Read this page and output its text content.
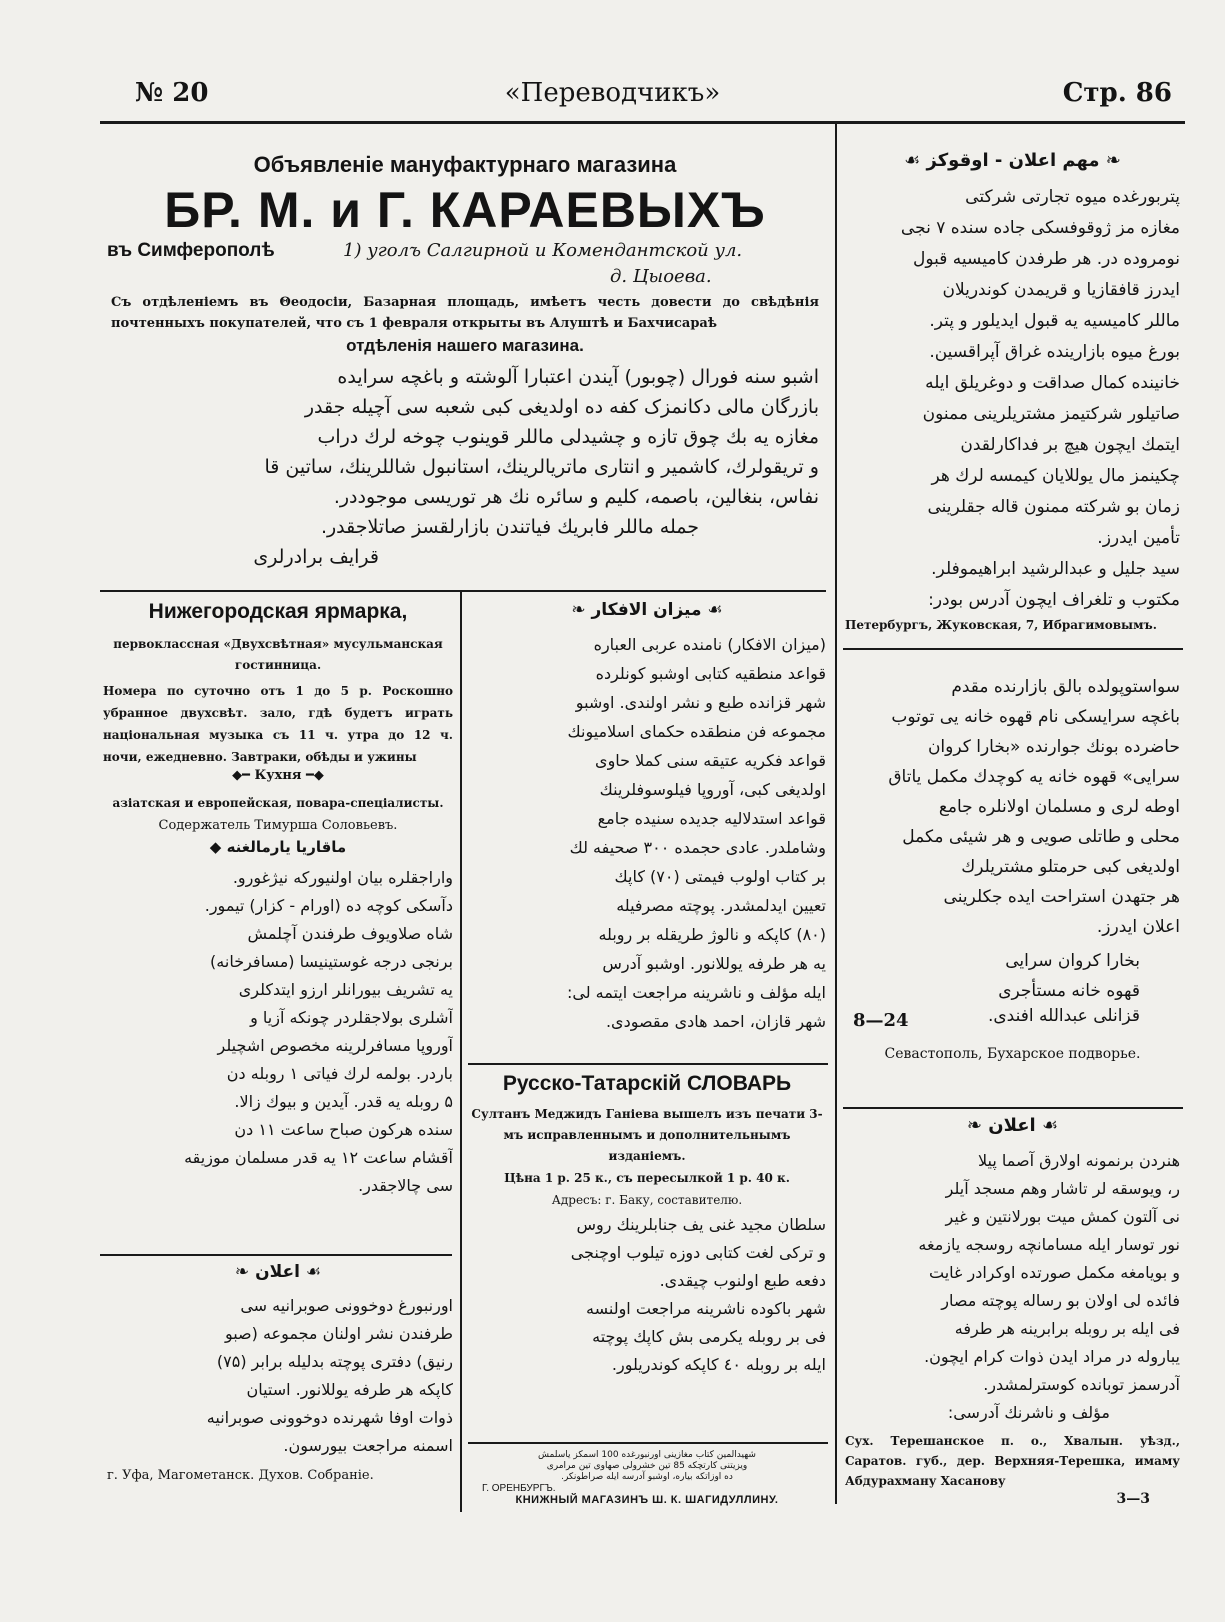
№ 20	«Переводчикъ»	Стр. 86
Объявленіе мануфактурнаго магазина
БР. М. и Г. КАРАЕВЫХЪ
въ Симферополѣ	1) уголъ Салгирной и Комендантской ул.
д. Цыоева.
Съ отдѣленіемъ въ Θеодосіи, Базарная площадь, имѣетъ честь довести до свѣдѣнія почтенныхъ покупателей, что съ 1 февраля открыты въ Алуштѣ и Бахчисараѣ
отдѣленія нашего магазина.

اشبو سنه فورال (چوبور) آیندن اعتبارا آلوشته و باغچه سرایده

بازرگان مالی دکانمزک کفه ده اولدیغی کبی شعبه سی آچیله جقدر

مغازه یه بك چوق تازه و چشیدلی ماللر قوینوب چوخه لرك دراب

و تریقولرك، کاشمیر و انتاری ماتریالرینك، استانبول شاللرینك، ساتین قا

نفاس، بنغالین، باصمه، کلیم و سائره نك هر توریسی موجوددر.

جمله ماللر فابریك فیاتندن بازارلقسز صاتلاجقدر.

قرایف برادرلری

❧ مهم اعلان - اوقوکز ☙

پتربورغده میوه تجارتی شرکتی

مغازه مز ژوقوفسکی جاده سنده ۷ نجی

نومروده در. هر طرفدن کامیسیه قبول

ایدرز قافقازیا و قریمدن کوندریلان

ماللر کامیسیه یه قبول ایدیلور و پتر.

بورغ میوه بازارینده غراق آپراقسین.

خانینده کمال صداقت و دوغریلق ایله

صاتیلور شرکتیمز مشتریلرینی ممنون

ایتمك ایچون هیچ بر فداکارلقدن

چکینمز مال یوللایان کیمسه لرك هر

زمان بو شرکته ممنون قاله جقلرینی

تأمین ایدرز.

سید جلیل و عبدالرشید ابراهیموفلر.

مکتوب و تلغراف ایچون آدرس بودر:

Петербургъ, Жуковская, 7, Ибрагимовымъ.

سواستوپولده بالق بازارنده مقدم

باغچه سرایسکی نام قهوه خانه یی توتوب

حاضرده بونك جوارنده «بخارا کروان

سرایی» قهوه خانه یه کوچدك مکمل یاتاق

اوطه لری و مسلمان اولانلره جامع

محلی و طاتلی صویی و هر شیئی مکمل

اولدیغی کبی حرمتلو مشتریلرك

هر جتهدن استراحت ایده جکلرینی

اعلان ایدرز.

بخارا کروان سرایی

قهوه خانه مستأجری

8—24	قزانلی عبدالله افندی.
Севастополь, Бухарское подворье.
❧ اعلان ☙

هنردن برنمونه اولارق آصما پیلا

ر، ویوسقه لر تاشار وهم مسجد آیلر

نی آلتون کمش میت بورلانتین و غیر

نور توسار ایله مسامانچه روسجه یازمغه

و بویامغه مکمل صورتده اوکرادر غایت

فائده لی اولان بو رساله پوچته مصار

فی ایله بر روبله برابرینه هر طرفه

یباروله در مراد ایدن ذوات کرام ایچون.

آدرسمز توبانده کوسترلمشدر.

مؤلف و ناشرنك آدرسی:

Сух. Терешанское п. о., Хвалын. уѣзд., Саратов. губ., дер. Верхняя-Терешка, имаму Абдурахману Хасанову
3—3
Нижегородская ярмарка,
первоклассная «Двухсвѣтная» мусульманская гостинница.
Номера по суточно отъ 1 до 5 р. Роскошно убранное двухсвѣт. зало, гдѣ будетъ играть національная музыка съ 11 ч. утра до 12 ч. ночи, ежедневно. Завтраки, обѣды и ужины
◆━ Кухня ━◆
азіатская и европейская, повара-спеціалисты.
Содержатель Тимурша Соловьевъ.
◆ ماقاریا یارمالغنه

واراجقلره بیان اولنیورکه نیژغورو.

دآسکی کوچه ده (اورام - کزار) تیمور.

شاه صلاویوف طرفندن آچلمش

برنجی درجه غوستینیسا (مسافرخانه)

یه تشریف بیورانلر ارزو ایتدکلری

آشلری بولاجقلردر چونکه آزیا و

آوروپا مسافرلرینه مخصوص اشچیلر

باردر. بولمه لرك فیاتی ۱ روبله دن

۵ روبله یه قدر. آیدین و بیوك زالا.

سنده هرکون صباح ساعت ۱۱ دن

آقشام ساعت ۱۲ یه قدر مسلمان موزیقه

سی چالاجقدر.

❧ اعلان ☙

اورنبورغ دوخوونی صوبرانیه سی

طرفندن نشر اولنان مجموعه (صبو

رنیق) دفتری پوچته بدلیله برابر (۷۵)

کاپکه هر طرفه یوللانور. استیان

ذوات اوفا شهرنده دوخوونی صوبرانیه

اسمنه مراجعت بیورسون.

г. Уфа, Магометанск. Духов. Собраніе.
❧ میزان الافکار ☙

(میزان الافکار) نامنده عربی العباره

قواعد منطقیه کتابی اوشبو کونلرده

شهر قزانده طبع و نشر اولندی. اوشبو

مجموعه فن منطقده حکمای اسلامیونك

قواعد فکریه عتیقه سنی کملا حاوی

اولدیغی کبی، آوروپا فیلوسوفلرینك

قواعد استدلالیه جدیده سنیده جامع

وشاملدر. عادی حجمده ۳۰۰ صحیفه لك

بر کتاب اولوب فیمتی (۷۰) کاپك

تعیین ایدلمشدر. پوچته مصرفیله

(۸۰) کاپکه و نالوژ طریقله بر روبله

یه هر طرفه یوللانور. اوشبو آدرس

ایله مؤلف و ناشرینه مراجعت ایتمه لی:

شهر قازان، احمد هادی مقصودی.

Русско-Татарскій СЛОВАРЬ
Султанъ Меджидъ Ганіева вышелъ изъ печати 3-мъ исправленнымъ и дополнительнымъ изданіемъ.
Цѣна 1 р. 25 к., съ пересылкой 1 р. 40 к.
Адресъ: г. Баку, составителю.

سلطان مجید غنی یف جنابلرینك روس

و ترکی لغت کتابی دوزه تیلوب اوچنجی

دفعه طبع اولنوب چیقدی.

شهر باکوده ناشرینه مراجعت اولنسه

فی بر روبله یکرمی بش کاپك پوچته

ایله بر روبله ٤٠ کاپکه کوندریلور.

شهیدالمین کتاب مغازینی اورنبورغده 100 اسمکز یاسلمش

ویزیتنی کارتچکه 85 تین خشرولی صهاوی تین مرامری

ده اوزاتکه بیاره، اوشبو آدرسه ایله صراطونکر.

Г. ОРЕНБУРГЪ.
КНИЖНЫЙ МАГАЗИНЪ Ш. К. ШАГИДУЛЛИНУ.
